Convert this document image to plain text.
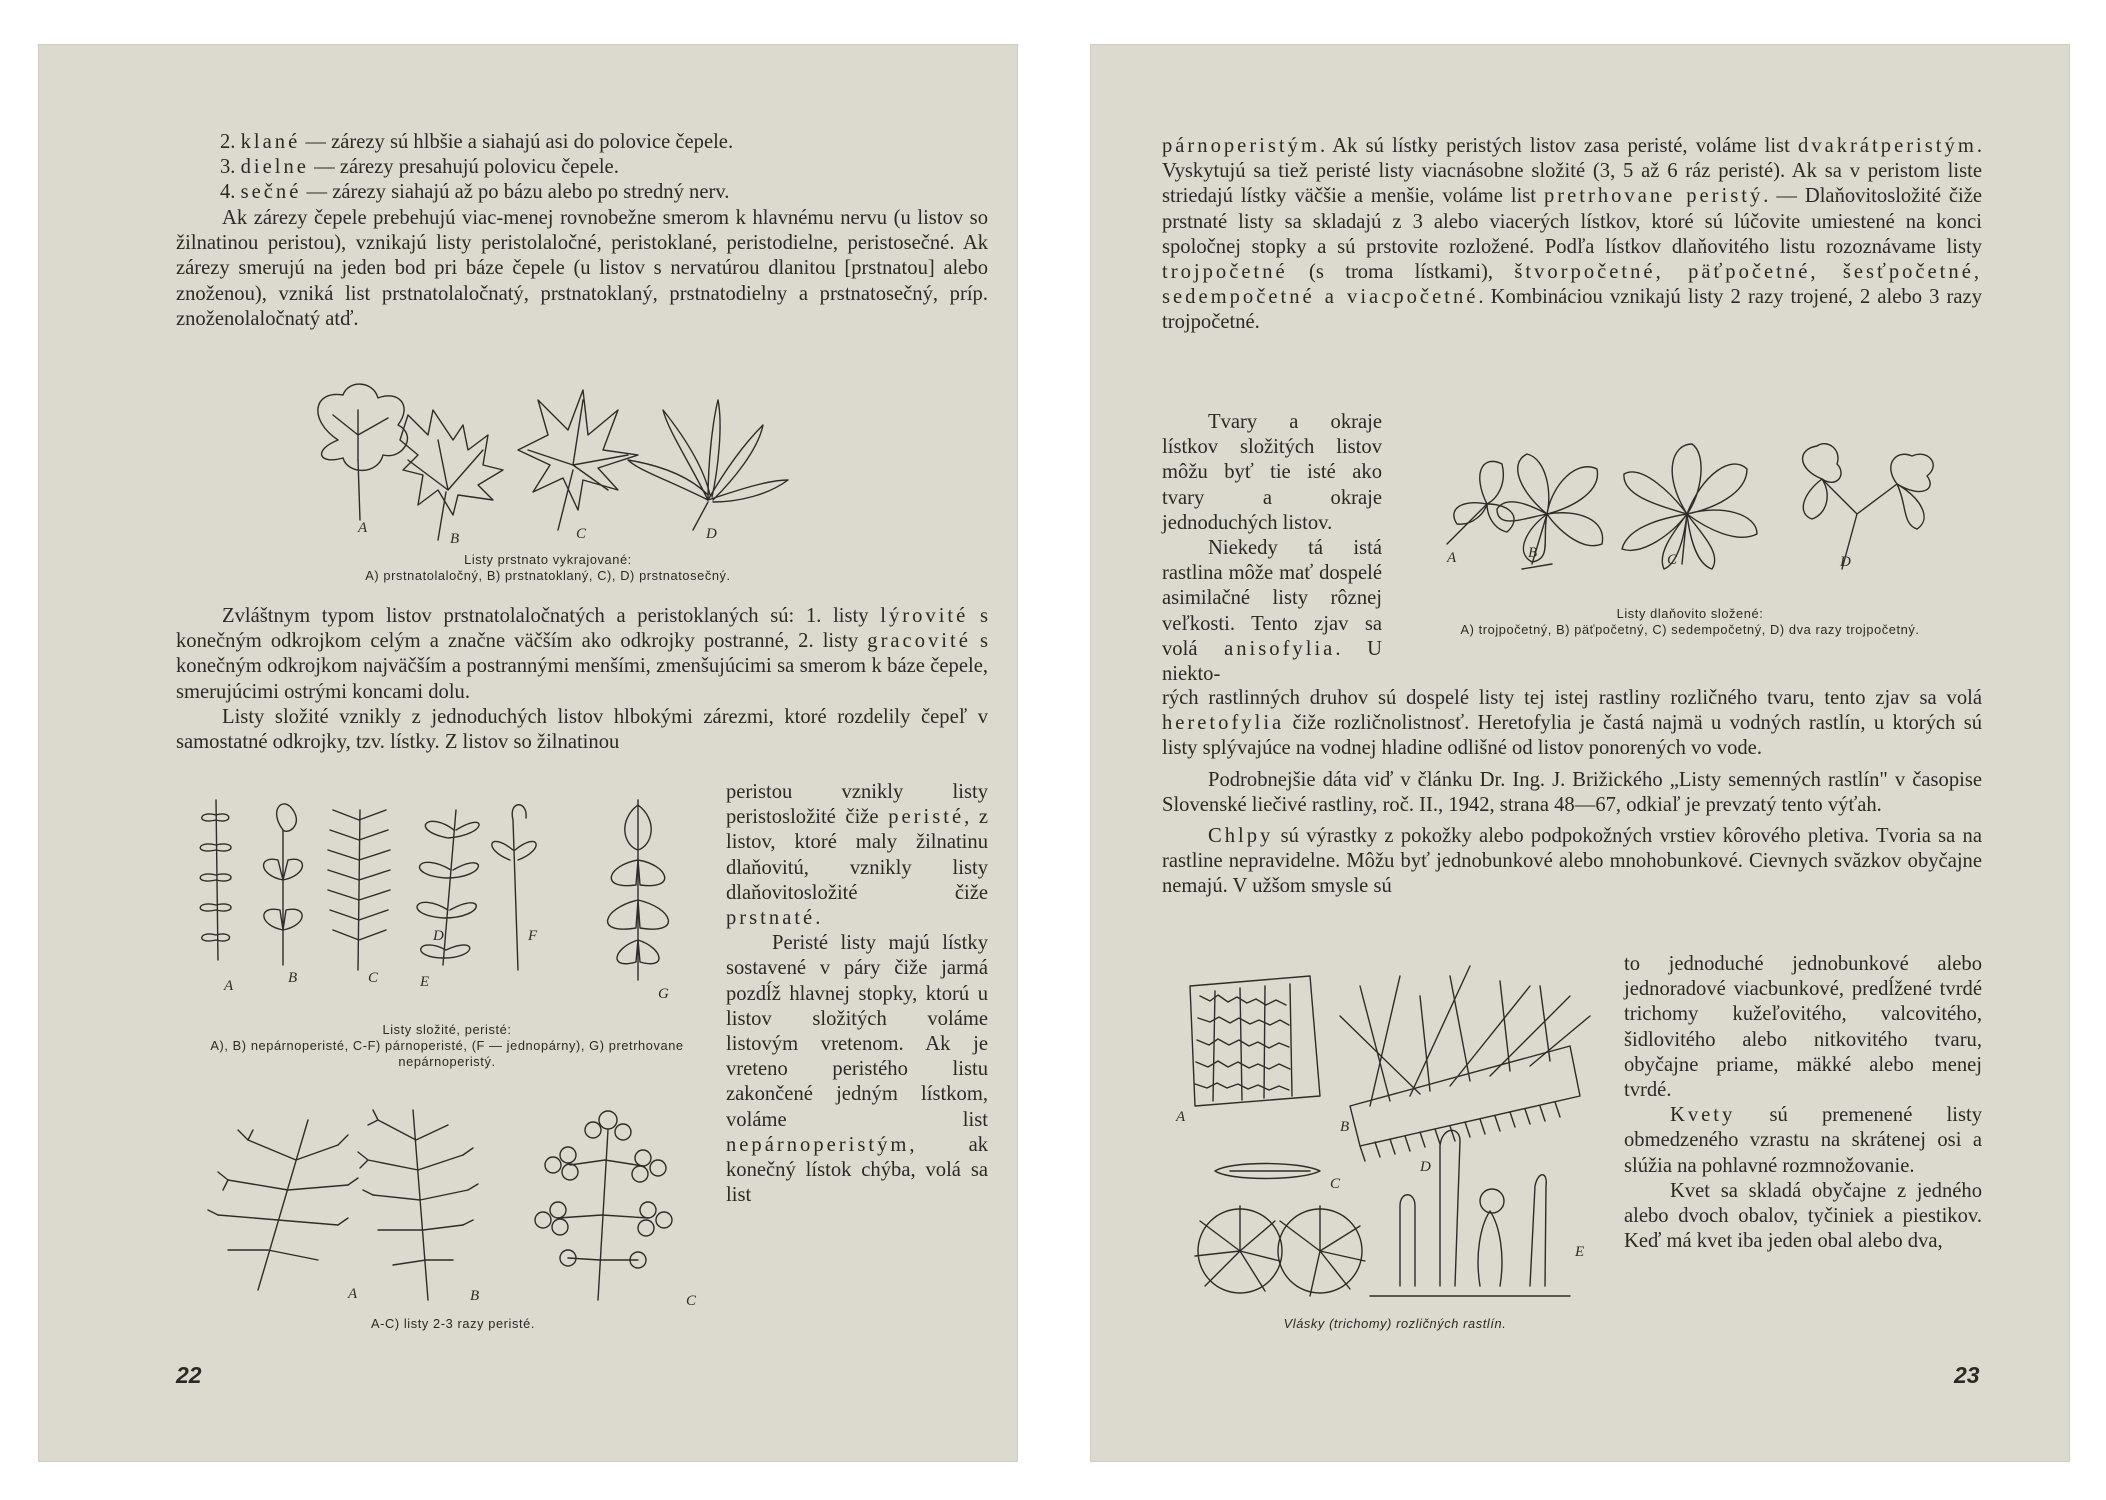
2. klané — zárezy sú hlbšie a siahajú asi do polovice čepele.

3. dielne — zárezy presahujú polovicu čepele.

4. sečné — zárezy siahajú až po bázu alebo po stredný nerv.

Ak zárezy čepele prebehujú viac-menej rovnobežne smerom k hlavnému nervu (u listov so žilnatinou peristou), vznikajú listy peristolaločné, peristoklané, peristodielne, peristosečné. Ak zárezy smerujú na jeden bod pri báze čepele (u listov s nervatúrou dlanitou [prstnatou] alebo znoženou), vzniká list prstnatolaločnatý, prstnatoklaný, prstnatodielny a prstnatosečný, príp. znoženolaločnatý atď.

A
B	C	D
Listy prstnato vykrajované:
A) prstnatolaločný, B) prstnatoklaný, C), D) prstnatosečný.

Zvláštnym typom listov prstnatolaločnatých a peristoklaných sú: 1. listy lýrovité s konečným odkrojkom celým a značne väčším ako odkrojky postranné, 2. listy gracovité s konečným odkrojkom najväčším a postrannými menšími, zmenšujúcimi sa smerom k báze čepele, smerujúcimi ostrými koncami dolu.

Listy složité vznikly z jednoduchých listov hlbokými zárezmi, ktoré rozdelily čepeľ v samostatné odkrojky, tzv. lístky. Z listov so žilnatinou

peristou vznikly listy peristosložité čiže peristé, z listov, ktoré maly žilnatinu dlaňovitú, vznikly listy dlaňovitosložité čiže prstnaté.

Peristé listy majú lístky sostavené v páry čiže jarmá pozdĺž hlavnej stopky, ktorú u listov složitých voláme listovým vretenom. Ak je vreteno peristého listu zakončené jedným lístkom, voláme list nepárnoperistým, ak konečný lístok chýba, volá sa list

A	B	C
D
E
F
G
Listy složité, peristé:
A), B) nepárnoperisté, C-F) párnoperisté, (F — jednopárny), G) pretrhovane nepárnoperistý.
A	B	C
A-C) listy 2-3 razy peristé.
22

párnoperistým. Ak sú lístky peristých listov zasa peristé, voláme list dvakrátperistým. Vyskytujú sa tiež peristé listy viacnásobne složité (3, 5 až 6 ráz peristé). Ak sa v peristom liste striedajú lístky väčšie a menšie, voláme list pretrhovane peristý. — Dlaňovitosložité čiže prstnaté listy sa skladajú z 3 alebo viacerých lístkov, ktoré sú lúčovite umiestené na konci spoločnej stopky a sú prstovite rozložené. Podľa lístkov dlaňovitého listu rozoznávame listy trojpočetné (s troma lístkami), štvorpočetné, päťpočetné, šesťpočetné, sedempočetné a viacpočetné. Kombináciou vznikajú listy 2 razy trojené, 2 alebo 3 razy trojpočetné.

Tvary a okraje lístkov složitých listov môžu byť tie isté ako tvary a okraje jednoduchých listov.

Niekedy tá istá rastlina môže mať dospelé asimilačné listy rôznej veľkosti. Tento zjav sa volá anisofylia. U niekto-

A	B	C	D
Listy dlaňovito složené:
A) trojpočetný, B) päťpočetný, C) sedempočetný, D) dva razy trojpočetný.

rých rastlinných druhov sú dospelé listy tej istej rastliny rozličného tvaru, tento zjav sa volá heretofylia čiže rozličnolistnosť. Heretofylia je častá najmä u vodných rastlín, u ktorých sú listy splývajúce na vodnej hladine odlišné od listov ponorených vo vode.

Podrobnejšie dáta viď v článku Dr. Ing. J. Brižického „Listy semenných rastlín" v časopise Slovenské liečivé rastliny, roč. II., 1942, strana 48—67, odkiaľ je prevzatý tento výťah.

Chlpy sú výrastky z pokožky alebo podpokožných vrstiev kôrového pletiva. Tvoria sa na rastline nepravidelne. Môžu byť jednobunkové alebo mnohobunkové. Cievnych svăzkov obyčajne nemajú. V užšom smysle sú

to jednoduché jednobunkové alebo jednoradové viacbunkové, predĺžené tvrdé trichomy kužeľovitého, valcovitého, šidlovitého alebo nitkovitého tvaru, obyčajne priame, mäkké alebo menej tvrdé.

Kvety sú premenené listy obmedzeného vzrastu na skrátenej osi a slúžia na pohlavné rozmnožovanie.

Kvet sa skladá obyčajne z jedného alebo dvoch obalov, tyčiniek a piestikov. Keď má kvet iba jeden obal alebo dva,

A
B
C
D
E
Vlásky (trichomy) rozličných rastlín.
23
